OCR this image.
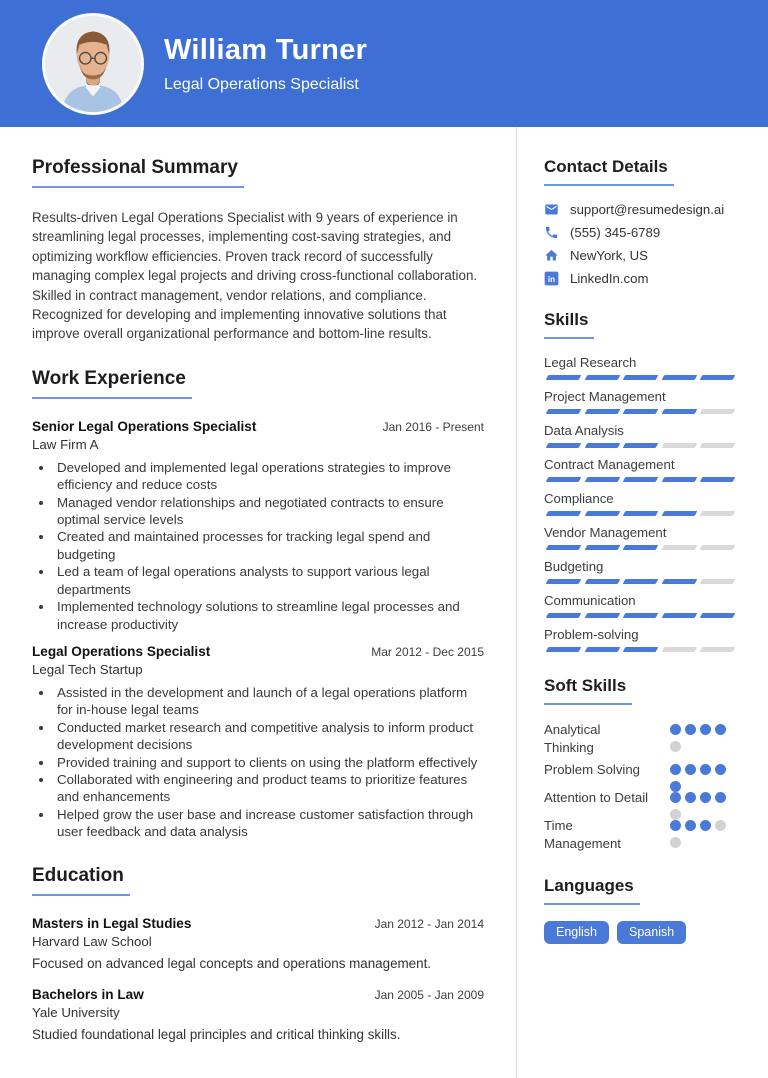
William Turner
Legal Operations Specialist
Professional Summary

Results-driven Legal Operations Specialist with 9 years of experience in streamlining legal processes, implementing cost-saving strategies, and optimizing workflow efficiencies. Proven track record of successfully managing complex legal projects and driving cross-functional collaboration. Skilled in contract management, vendor relations, and compliance. Recognized for developing and implementing innovative solutions that improve overall organizational performance and bottom-line results.

Work Experience
Senior Legal Operations Specialist	Jan 2016 - Present
Law Firm A
• Developed and implemented legal operations strategies to improve efficiency and reduce costs
• Managed vendor relationships and negotiated contracts to ensure optimal service levels
• Created and maintained processes for tracking legal spend and budgeting
• Led a team of legal operations analysts to support various legal departments
• Implemented technology solutions to streamline legal processes and increase productivity
Legal Operations Specialist	Mar 2012 - Dec 2015
Legal Tech Startup
• Assisted in the development and launch of a legal operations platform for in-house legal teams
• Conducted market research and competitive analysis to inform product development decisions
• Provided training and support to clients on using the platform effectively
• Collaborated with engineering and product teams to prioritize features and enhancements
• Helped grow the user base and increase customer satisfaction through user feedback and data analysis
Education
Masters in Legal Studies	Jan 2012 - Jan 2014
Harvard Law School

Focused on advanced legal concepts and operations management.

Bachelors in Law	Jan 2005 - Jan 2009
Yale University

Studied foundational legal principles and critical thinking skills.

Contact Details
support@resumedesign.ai
(555) 345-6789
NewYork, US
in LinkedIn.com
Skills
Legal Research
Project Management
Data Analysis
Contract Management
Compliance
Vendor Management
Budgeting
Communication
Problem-solving
Soft Skills
Analytical Thinking
Problem Solving
Attention to Detail
Time Management
Languages
English	Spanish
